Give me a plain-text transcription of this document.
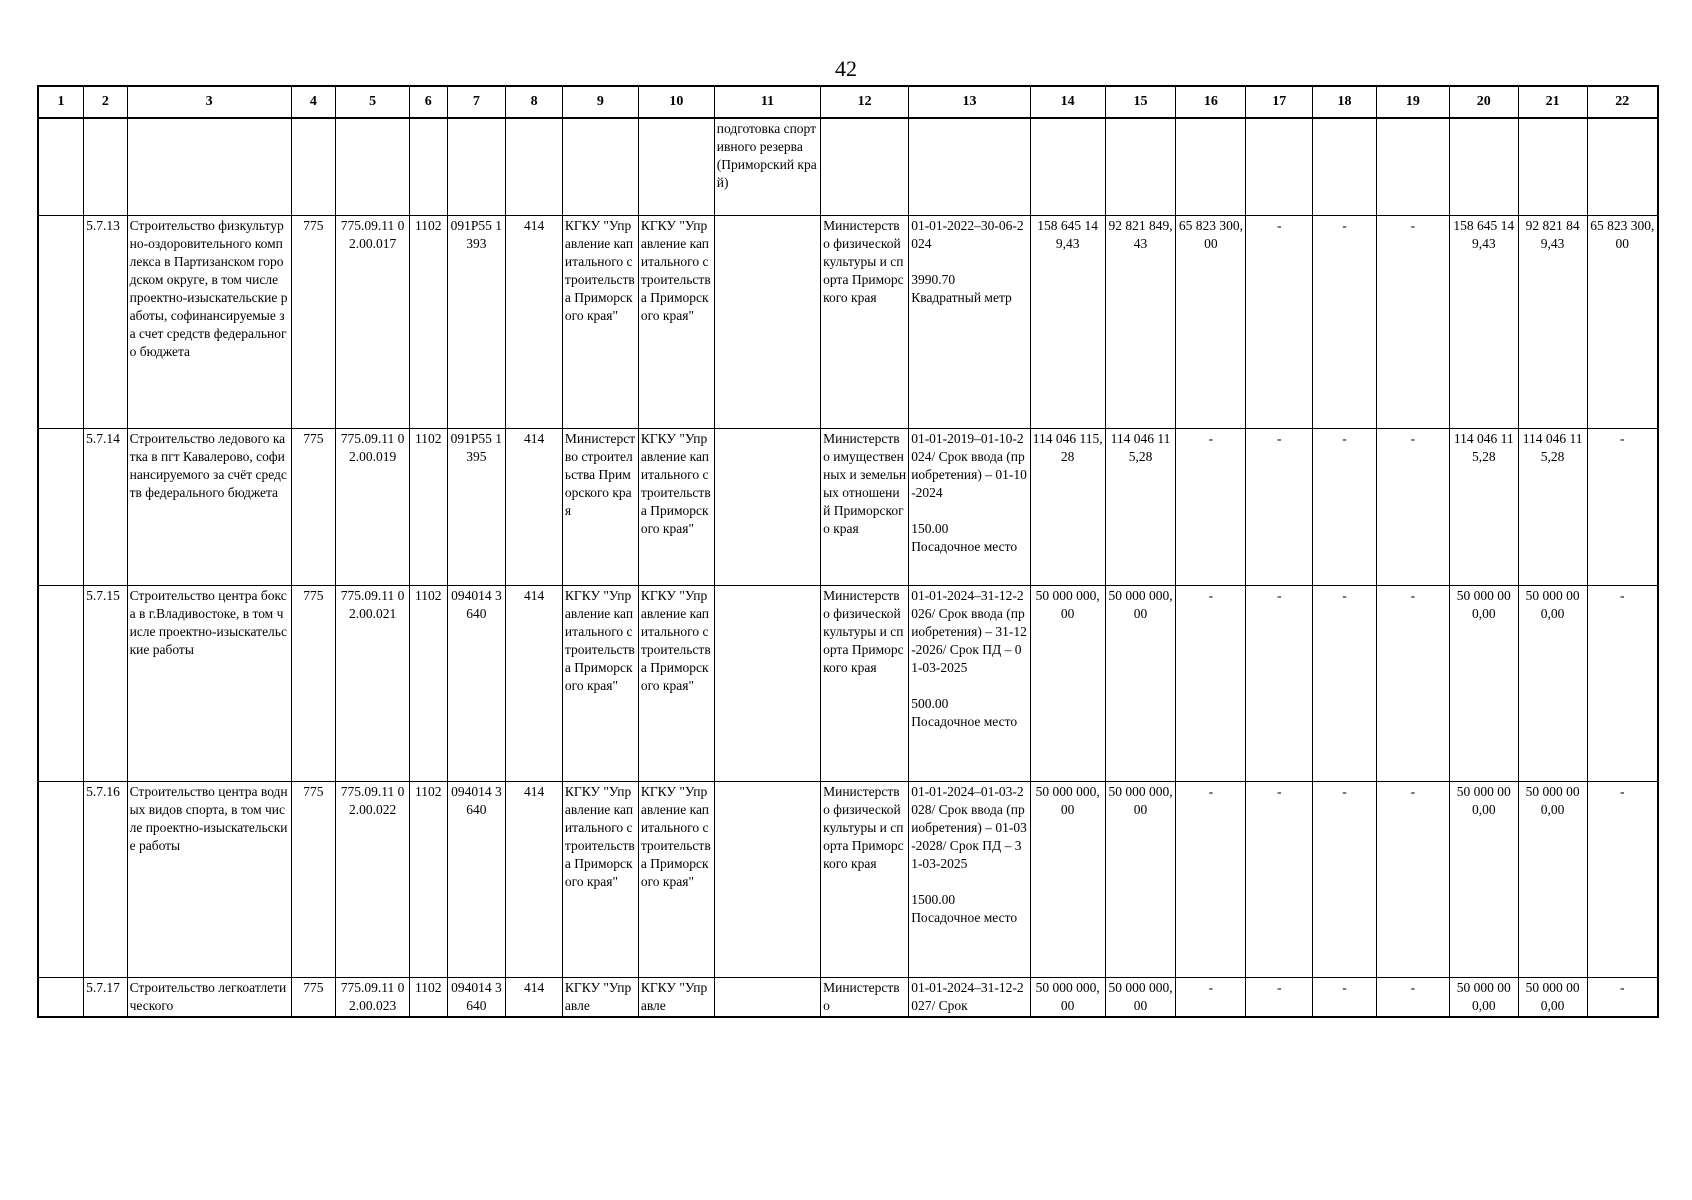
42
1	2	3	4	5	6	7	8	9	10	11	12	13	14	15	16	17	18	19	20	21	22
										подготовка спортивного резерва (Приморский край)											
	5.7.13	Строительство физкультурно-оздоровительного комплекса в Партизанском городском округе, в том числе проектно-изыскательские работы, софинансируемые за счет средств федерального бюджета	775	775.09.11 02.00.017	1102	091P55 1393	414	КГКУ "Управление капитального строительства Приморского края"	КГКУ "Управление капитального строительства Приморского края"		Министерство физической культуры и спорта Приморского края	01-01-2022–30-06-2024

3990.70
Квадратный метр	158 645 149,43	92 821 849,43	65 823 300,00	-	-	-	158 645 149,43	92 821 849,43	65 823 300,00
	5.7.14	Строительство ледового катка в пгт Кавалерово, софинансируемого за счёт средств федерального бюджета	775	775.09.11 02.00.019	1102	091P55 1395	414	Министерство строительства Приморского края	КГКУ "Управление капитального строительства Приморского края"		Министерство имущественных и земельных отношений Приморского края	01-01-2019–01-10-2024/ Срок ввода (приобретения) – 01-10-2024

150.00
Посадочное место	114 046 115,28	114 046 115,28	-	-	-	-	114 046 115,28	114 046 115,28	-
	5.7.15	Строительство центра бокса в г.Владивостоке, в том числе проектно-изыскательские работы	775	775.09.11 02.00.021	1102	094014 3640	414	КГКУ "Управление капитального строительства Приморского края"	КГКУ "Управление капитального строительства Приморского края"		Министерство физической культуры и спорта Приморского края	01-01-2024–31-12-2026/ Срок ввода (приобретения) – 31-12-2026/ Срок ПД – 01-03-2025

500.00
Посадочное место	50 000 000,00	50 000 000,00	-	-	-	-	50 000 000,00	50 000 000,00	-
	5.7.16	Строительство центра водных видов спорта, в том числе проектно-изыскательские работы	775	775.09.11 02.00.022	1102	094014 3640	414	КГКУ "Управление капитального строительства Приморского края"	КГКУ "Управление капитального строительства Приморского края"		Министерство физической культуры и спорта Приморского края	01-01-2024–01-03-2028/ Срок ввода (приобретения) – 01-03-2028/ Срок ПД – 31-03-2025

1500.00
Посадочное место	50 000 000,00	50 000 000,00	-	-	-	-	50 000 000,00	50 000 000,00	-
	5.7.17	Строительство легкоатлетического	775	775.09.11 02.00.023	1102	094014 3640	414	КГКУ "Управле	КГКУ "Управле		Министерство	01-01-2024–31-12-2027/ Срок	50 000 000,00	50 000 000,00	-	-	-	-	50 000 000,00	50 000 000,00	-
